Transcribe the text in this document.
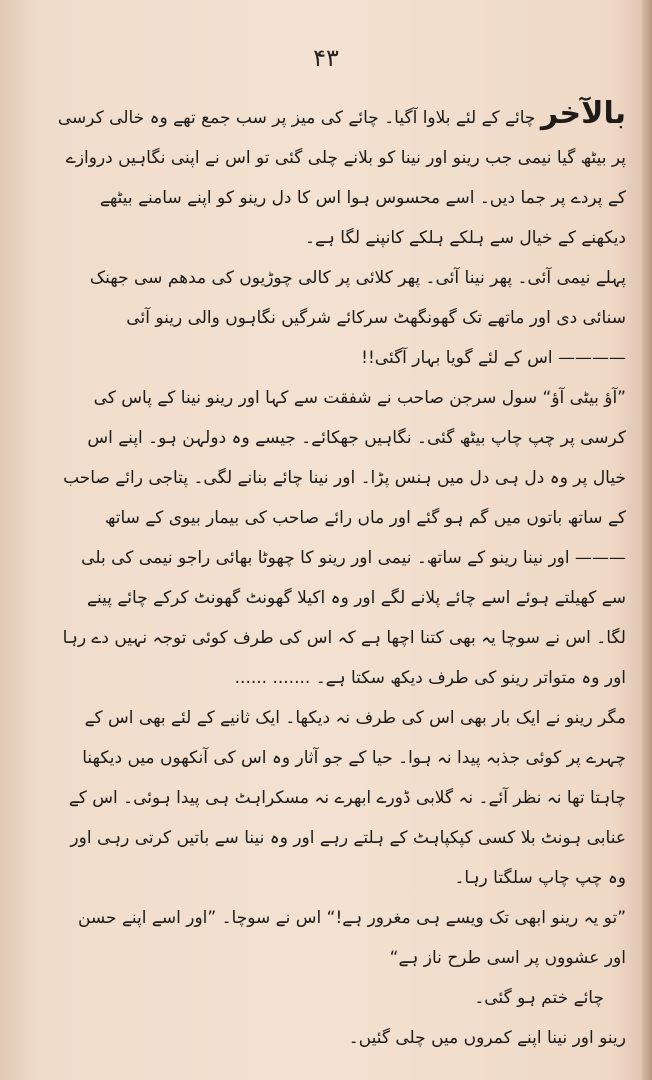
۴۳

بالآخر چائے کے لئے بلاوا آگیا۔ چائے کی میز پر سب جمع تھے وہ خالی کرسی پر بیٹھ گیا نیمی جب رینو اور نینا کو بلانے چلی گئی تو اس نے اپنی نگاہیں دروازے کے پردے پر جما دیں۔ اسے محسوس ہوا اس کا دل رینو کو اپنے سامنے بیٹھے دیکھنے کے خیال سے ہلکے ہلکے کانپنے لگا ہے۔

پہلے نیمی آئی۔ پھر نینا آئی۔ پھر کلائی پر کالی چوڑیوں کی مدھم سی جھنک سنائی دی اور ماتھے تک گھونگھٹ سرکائے شرگیں نگاہوں والی رینو آئی ———— اس کے لئے گویا بہار آگئی!!

”آؤ بیٹی آؤ“ سول سرجن صاحب نے شفقت سے کہا اور رینو نینا کے پاس کی کرسی پر چپ چاپ بیٹھ گئی۔ نگاہیں جھکائے۔ جیسے وہ دولہن ہو۔ اپنے اس خیال پر وہ دل ہی دل میں ہنس پڑا۔ اور نینا چائے بنانے لگی۔ پتاجی رائے صاحب کے ساتھ باتوں میں گم ہو گئے اور ماں رائے صاحب کی بیمار بیوی کے ساتھ ——— اور نینا رینو کے ساتھ۔ نیمی اور رینو کا چھوٹا بھائی راجو نیمی کی بلی سے کھیلتے ہوئے اسے چائے پلانے لگے اور وہ اکیلا گھونٹ گھونٹ کرکے چائے پینے لگا۔ اس نے سوچا یہ بھی کتنا اچھا ہے کہ اس کی طرف کوئی توجہ نہیں دے رہا اور وہ متواتر رینو کی طرف دیکھ سکتا ہے۔ ....... ......

مگر رینو نے ایک بار بھی اس کی طرف نہ دیکھا۔ ایک ثانیے کے لئے بھی اس کے چہرے پر کوئی جذبہ پیدا نہ ہوا۔ حیا کے جو آثار وہ اس کی آنکھوں میں دیکھنا چاہتا تھا نہ نظر آئے۔ نہ گلابی ڈورے ابھرے نہ مسکراہٹ ہی پیدا ہوئی۔ اس کے عنابی ہونٹ بلا کسی کپکپاہٹ کے ہلتے رہے اور وہ نینا سے باتیں کرتی رہی اور وہ چپ چاپ سلگتا رہا۔

”تو یہ رینو ابھی تک ویسے ہی مغرور ہے!“ اس نے سوچا۔ ”اور اسے اپنے حسن اور عشووں پر اسی طرح ناز ہے“

چائے ختم ہو گئی۔

رینو اور نینا اپنے کمروں میں چلی گئیں۔
